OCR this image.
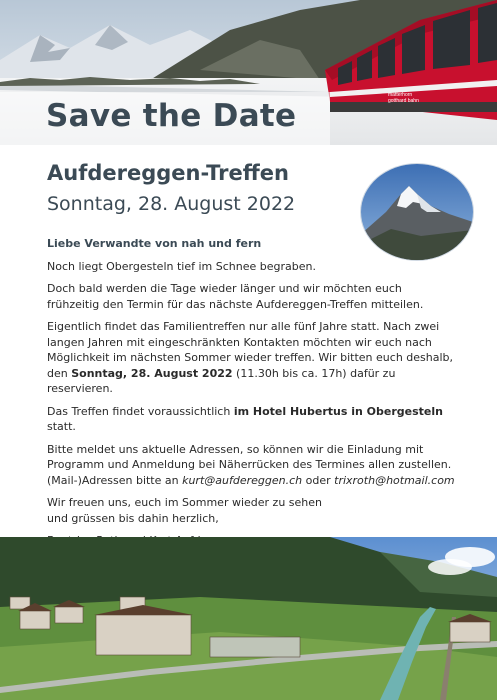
matterhorn
gotthard bahn
Save the Date
Aufdereggen-Treffen
Sonntag, 28. August 2022

Liebe Verwandte von nah und fern

Noch liegt Obergesteln tief im Schnee begraben.

Doch bald werden die Tage wieder länger und wir möchten euch frühzeitig den Termin für das nächste Aufdereggen-Treffen mitteilen.

Eigentlich findet das Familientreffen nur alle fünf Jahre statt. Nach zwei langen Jahren mit eingeschränkten Kontakten möchten wir euch nach Möglichkeit im nächsten Sommer wieder treffen. Wir bitten euch deshalb, den Sonntag, 28. August 2022 (11.30h bis ca. 17h) dafür zu reservieren.

Das Treffen findet voraussichtlich im Hotel Hubertus in Obergesteln statt.

Bitte meldet uns aktuelle Adressen, so können wir die Einladung mit Programm und Anmeldung bei Näherrücken des Termines allen zustellen. (Mail-)Adressen bitte an kurt@aufdereggen.ch oder trixroth@hotmail.com

Wir freuen uns, euch im Sommer wieder zu sehen
und grüssen bis dahin herzlich,
